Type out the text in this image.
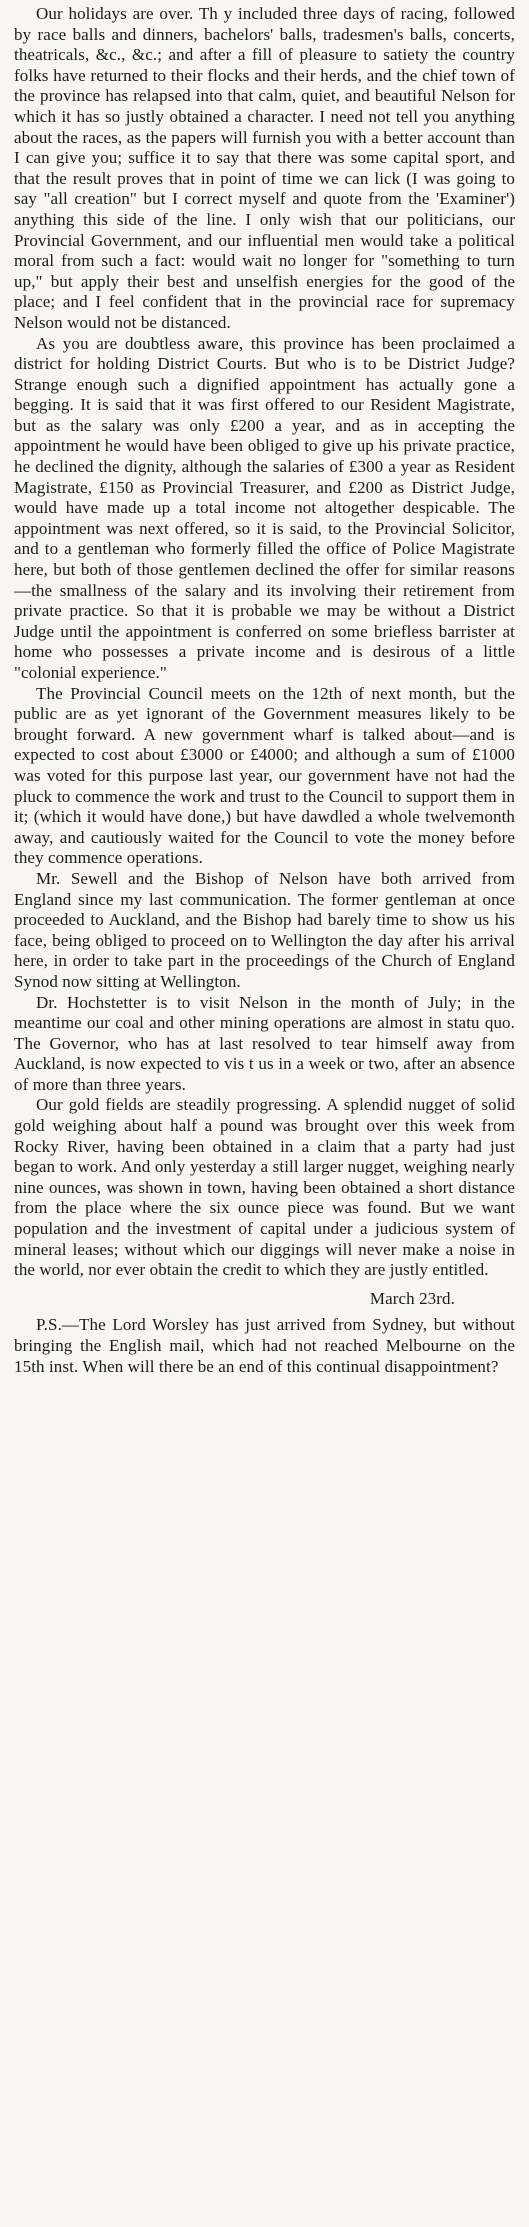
Our holidays are over. Th y included three days of racing, followed by race balls and dinners, bachelors' balls, tradesmen's balls, concerts, theatricals, &c., &c.; and after a fill of pleasure to satiety the country folks have returned to their flocks and their herds, and the chief town of the province has relapsed into that calm, quiet, and beautiful Nelson for which it has so justly obtained a character. I need not tell you anything about the races, as the papers will furnish you with a better account than I can give you; suffice it to say that there was some capital sport, and that the result proves that in point of time we can lick (I was going to say "all creation" but I correct myself and quote from the 'Examiner') anything this side of the line. I only wish that our politicians, our Provincial Government, and our influential men would take a political moral from such a fact: would wait no longer for "something to turn up," but apply their best and unselfish energies for the good of the place; and I feel confident that in the provincial race for supremacy Nelson would not be distanced.

As you are doubtless aware, this province has been proclaimed a district for holding District Courts. But who is to be District Judge? Strange enough such a dignified appointment has actually gone a begging. It is said that it was first offered to our Resident Magistrate, but as the salary was only £200 a year, and as in accepting the appointment he would have been obliged to give up his private practice, he declined the dignity, although the salaries of £300 a year as Resident Magistrate, £150 as Provincial Treasurer, and £200 as District Judge, would have made up a total income not altogether despicable. The appointment was next offered, so it is said, to the Provincial Solicitor, and to a gentleman who formerly filled the office of Police Magistrate here, but both of those gentlemen declined the offer for similar reasons—the smallness of the salary and its involving their retirement from private practice. So that it is probable we may be without a District Judge until the appointment is conferred on some briefless barrister at home who possesses a private income and is desirous of a little "colonial experience."

The Provincial Council meets on the 12th of next month, but the public are as yet ignorant of the Government measures likely to be brought forward. A new government wharf is talked about—and is expected to cost about £3000 or £4000; and although a sum of £1000 was voted for this purpose last year, our government have not had the pluck to commence the work and trust to the Council to support them in it; (which it would have done,) but have dawdled a whole twelvemonth away, and cautiously waited for the Council to vote the money before they commence operations.

Mr. Sewell and the Bishop of Nelson have both arrived from England since my last communication. The former gentleman at once proceeded to Auckland, and the Bishop had barely time to show us his face, being obliged to proceed on to Wellington the day after his arrival here, in order to take part in the proceedings of the Church of England Synod now sitting at Wellington.

Dr. Hochstetter is to visit Nelson in the month of July; in the meantime our coal and other mining operations are almost in statu quo. The Governor, who has at last resolved to tear himself away from Auckland, is now expected to vis t us in a week or two, after an absence of more than three years.

Our gold fields are steadily progressing. A splendid nugget of solid gold weighing about half a pound was brought over this week from Rocky River, having been obtained in a claim that a party had just began to work. And only yesterday a still larger nugget, weighing nearly nine ounces, was shown in town, having been obtained a short distance from the place where the six ounce piece was found. But we want population and the investment of capital under a judicious system of mineral leases; without which our diggings will never make a noise in the world, nor ever obtain the credit to which they are justly entitled.

March 23rd.

P.S.—The Lord Worsley has just arrived from Sydney, but without bringing the English mail, which had not reached Melbourne on the 15th inst. When will there be an end of this continual disappointment?
